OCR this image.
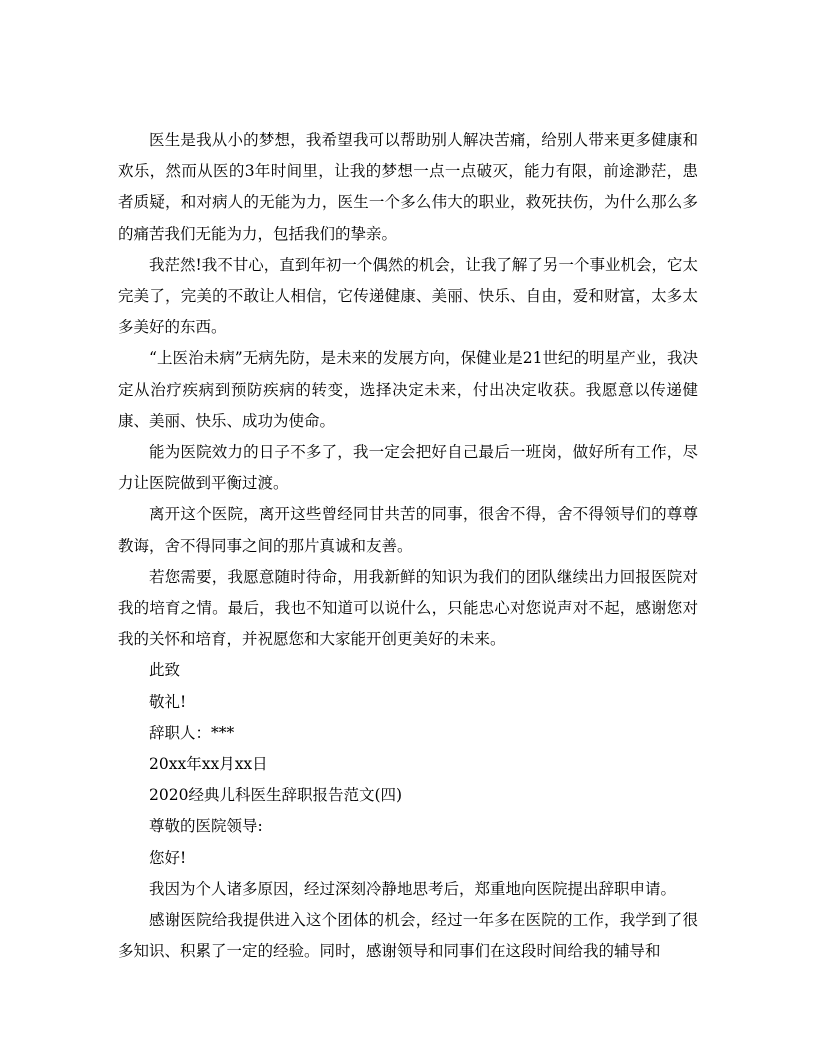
医生是我从小的梦想，我希望我可以帮助别人解决苦痛，给别人带来更多健康和欢乐，然而从医的3年时间里，让我的梦想一点一点破灭，能力有限，前途渺茫，患者质疑，和对病人的无能为力，医生一个多么伟大的职业，救死扶伤，为什么那么多的痛苦我们无能为力，包括我们的挚亲。

我茫然!我不甘心，直到年初一个偶然的机会，让我了解了另一个事业机会，它太完美了，完美的不敢让人相信，它传递健康、美丽、快乐、自由，爱和财富，太多太多美好的东西。

“上医治未病”无病先防，是未来的发展方向，保健业是21世纪的明星产业，我决定从治疗疾病到预防疾病的转变，选择决定未来，付出决定收获。我愿意以传递健康、美丽、快乐、成功为使命。

能为医院效力的日子不多了，我一定会把好自己最后一班岗，做好所有工作，尽力让医院做到平衡过渡。

离开这个医院，离开这些曾经同甘共苦的同事，很舍不得，舍不得领导们的尊尊教诲，舍不得同事之间的那片真诚和友善。

若您需要，我愿意随时待命，用我新鲜的知识为我们的团队继续出力回报医院对我的培育之情。最后，我也不知道可以说什么，只能忠心对您说声对不起，感谢您对我的关怀和培育，并祝愿您和大家能开创更美好的未来。

此致

敬礼!

辞职人：***

20xx年xx月xx日

2020经典儿科医生辞职报告范文(四)

尊敬的医院领导:

您好!

我因为个人诸多原因，经过深刻冷静地思考后，郑重地向医院提出辞职申请。

感谢医院给我提供进入这个团体的机会，经过一年多在医院的工作，我学到了很多知识、积累了一定的经验。同时，感谢领导和同事们在这段时间给我的辅导和
